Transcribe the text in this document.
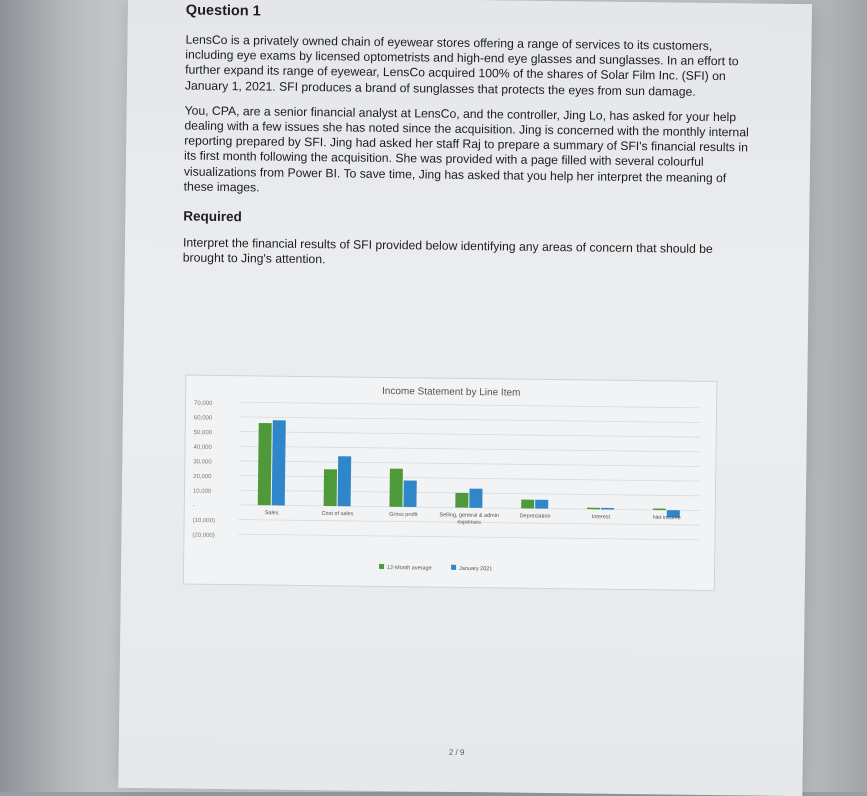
Question 1

LensCo is a privately owned chain of eyewear stores offering a range of services to its customers, including eye exams by licensed optometrists and high-end eye glasses and sunglasses. In an effort to further expand its range of eyewear, LensCo acquired 100% of the shares of Solar Film Inc. (SFI) on January 1, 2021. SFI produces a brand of sunglasses that protects the eyes from sun damage.

You, CPA, are a senior financial analyst at LensCo, and the controller, Jing Lo, has asked for your help dealing with a few issues she has noted since the acquisition. Jing is concerned with the monthly internal reporting prepared by SFI. Jing had asked her staff Raj to prepare a summary of SFI's financial results in its first month following the acquisition. She was provided with a page filled with several colourful visualizations from Power BI. To save time, Jing has asked that you help her interpret the meaning of these images.

Required

Interpret the financial results of SFI provided below identifying any areas of concern that should be brought to Jing's attention.

Income Statement by Line Item
70,000
60,000
50,000
40,000
30,000
20,000
10,000
-
(10,000)
(20,000)
Sales	Cost of sales	Gross profit	Selling, general & admin
expenses
Depreciation	Interest	Net income
12-Month average	January 2021
2 / 9
